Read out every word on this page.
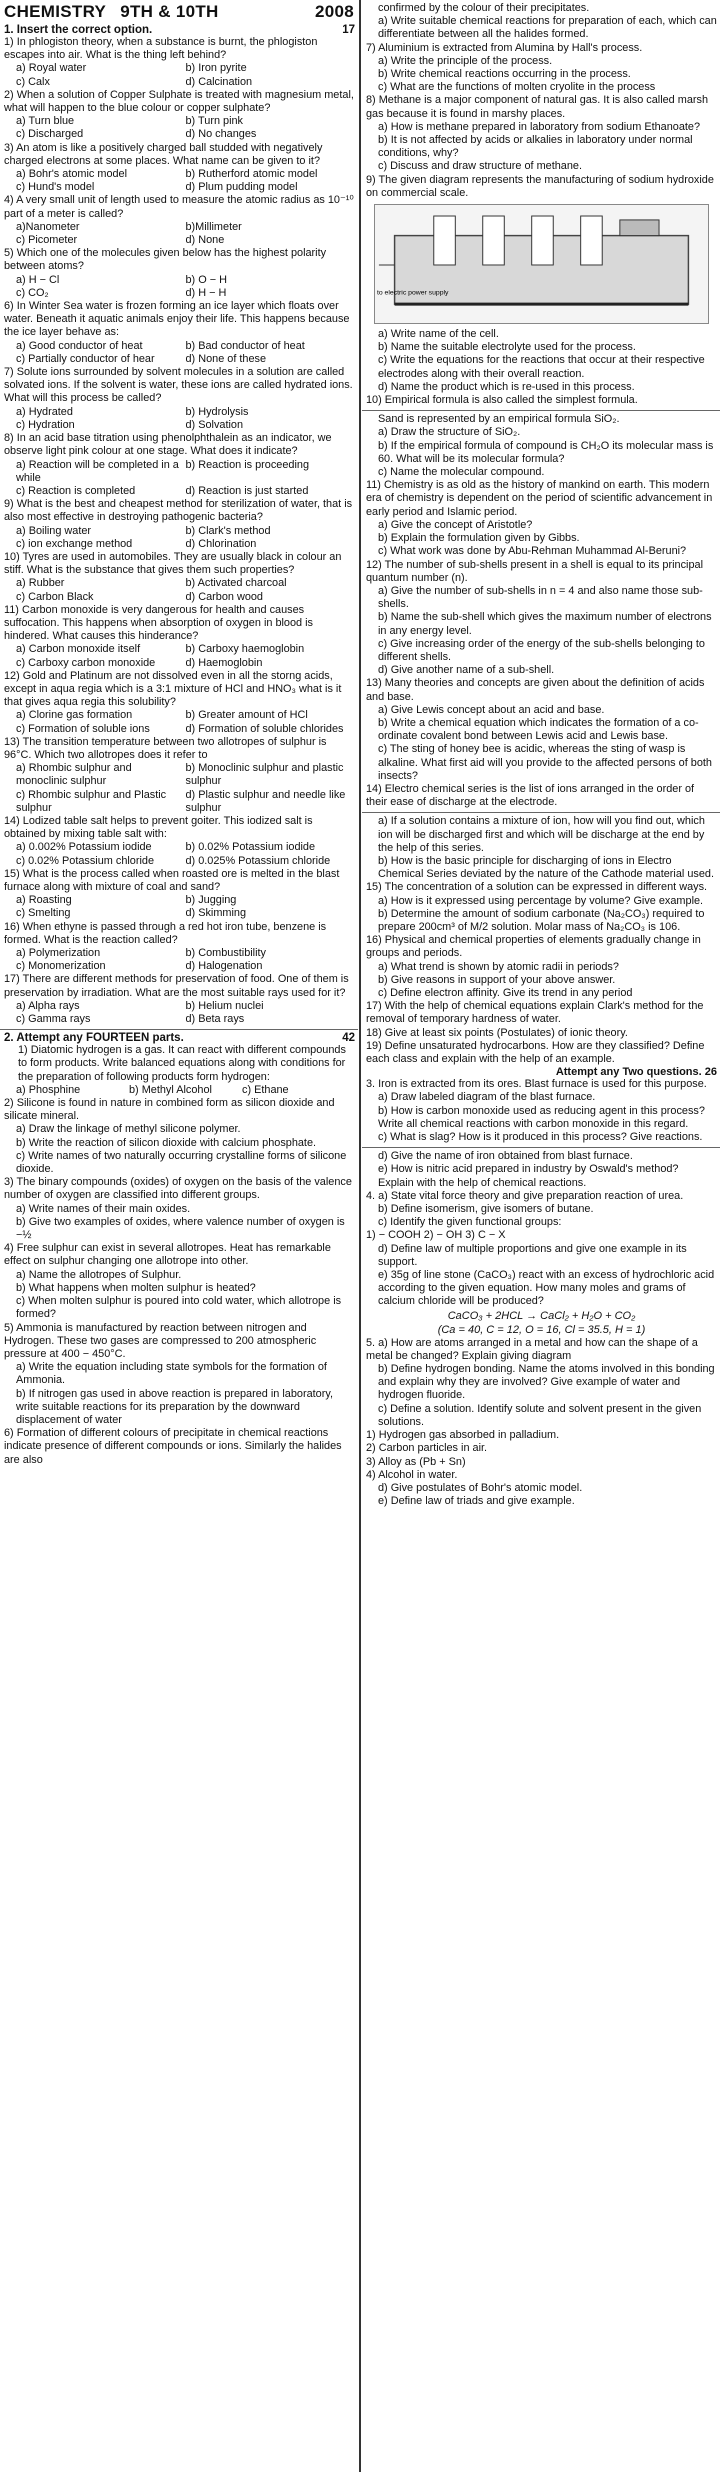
CHEMISTRY 9TH & 10TH	2008
1. Insert the correct option.	17

1) In phlogiston theory, when a substance is burnt, the phlogiston escapes into air. What is the thing left behind?

a) Royal water	b) Iron pyrite
c) Calx	d) Calcination

2) When a solution of Copper Sulphate is treated with magnesium metal, what will happen to the blue colour or copper sulphate?

a) Turn blue	b) Turn pink
c) Discharged	d) No changes

3) An atom is like a positively charged ball studded with negatively charged electrons at some places. What name can be given to it?

a) Bohr's atomic model	b) Rutherford atomic model
c) Hund's model	d) Plum pudding model

4) A very small unit of length used to measure the atomic radius as 10⁻¹⁰ part of a meter is called?

a)Nanometer	b)Millimeter
c) Picometer	d) None

5) Which one of the molecules given below has the highest polarity between atoms?

a) H − Cl	b) O − H
c) CO₂	d) H − H

6) In Winter Sea water is frozen forming an ice layer which floats over water. Beneath it aquatic animals enjoy their life. This happens because the ice layer behave as:

a) Good conductor of heat	b) Bad conductor of heat
c) Partially conductor of hear	d) None of these

7) Solute ions surrounded by solvent molecules in a solution are called solvated ions. If the solvent is water, these ions are called hydrated ions. What will this process be called?

a) Hydrated	b) Hydrolysis
c) Hydration	d) Solvation

8) In an acid base titration using phenolphthalein as an indicator, we observe light pink colour at one stage. What does it indicate?

a) Reaction will be completed in a while
b) Reaction is proceeding
c) Reaction is completed	d) Reaction is just started

9) What is the best and cheapest method for sterilization of water, that is also most effective in destroying pathogenic bacteria?

a) Boiling water	b) Clark's method
c) ion exchange method	d) Chlorination

10) Tyres are used in automobiles. They are usually black in colour an stiff. What is the substance that gives them such properties?

a) Rubber	b) Activated charcoal
c) Carbon Black	d) Carbon wood

11) Carbon monoxide is very dangerous for health and causes suffocation. This happens when absorption of oxygen in blood is hindered. What causes this hinderance?

a) Carbon monoxide itself	b) Carboxy haemoglobin
c) Carboxy carbon monoxide	d) Haemoglobin

12) Gold and Platinum are not dissolved even in all the storng acids, except in aqua regia which is a 3:1 mixture of HCl and HNO₃ what is it that gives aqua regia this solubility?

a) Clorine gas formation	b) Greater amount of HCl
c) Formation of soluble ions	d) Formation of soluble chlorides

13) The transition temperature between two allotropes of sulphur is 96°C. Which two allotropes does it refer to

a) Rhombic sulphur and monoclinic sulphur
b) Monoclinic sulphur and plastic sulphur
c) Rhombic sulphur and Plastic sulphur
d) Plastic sulphur and needle like sulphur

14) Lodized table salt helps to prevent goiter. This iodized salt is obtained by mixing table salt with:

a) 0.002% Potassium iodide	b) 0.02% Potassium iodide
c) 0.02% Potassium chloride	d) 0.025% Potassium chloride

15) What is the process called when roasted ore is melted in the blast furnace along with mixture of coal and sand?

a) Roasting	b) Jugging
c) Smelting	d) Skimming

16) When ethyne is passed through a red hot iron tube, benzene is formed. What is the reaction called?

a) Polymerization	b) Combustibility
c) Monomerization	d) Halogenation

17) There are different methods for preservation of food. One of them is preservation by irradiation. What are the most suitable rays used for it?

a) Alpha rays	b) Helium nuclei
c) Gamma rays	d) Beta rays
2. Attempt any FOURTEEN parts.	42
1) Diatomic hydrogen is a gas. It can react with different compounds to form products. Write balanced equations along with conditions for the preparation of following products form hydrogen:
a) Phosphine	b) Methyl Alcohol	c) Ethane

2) Silicone is found in nature in combined form as silicon dioxide and silicate mineral.

a) Draw the linkage of methyl silicone polymer.

b) Write the reaction of silicon dioxide with calcium phosphate.

c) Write names of two naturally occurring crystalline forms of silicone dioxide.

3) The binary compounds (oxides) of oxygen on the basis of the valence number of oxygen are classified into different groups.

a) Write names of their main oxides.

b) Give two examples of oxides, where valence number of oxygen is −½

4) Free sulphur can exist in several allotropes. Heat has remarkable effect on sulphur changing one allotrope into other.

a) Name the allotropes of Sulphur.

b) What happens when molten sulphur is heated?

c) When molten sulphur is poured into cold water, which allotrope is formed?

5) Ammonia is manufactured by reaction between nitrogen and Hydrogen. These two gases are compressed to 200 atmospheric pressure at 400 − 450°C.

a) Write the equation including state symbols for the formation of Ammonia.

b) If nitrogen gas used in above reaction is prepared in laboratory, write suitable reactions for its preparation by the downward displacement of water

6) Formation of different colours of precipitate in chemical reactions indicate presence of different compounds or ions. Similarly the halides are also

confirmed by the colour of their precipitates.

a) Write suitable chemical reactions for preparation of each, which can differentiate between all the halides formed.

7) Aluminium is extracted from Alumina by Hall's process.

a) Write the principle of the process.

b) Write chemical reactions occurring in the process.

c) What are the functions of molten cryolite in the process

8) Methane is a major component of natural gas. It is also called marsh gas because it is found in marshy places.

a) How is methane prepared in laboratory from sodium Ethanoate?

b) It is not affected by acids or alkalies in laboratory under normal conditions, why?

c) Discuss and draw structure of methane.

9) The given diagram represents the manufacturing of sodium hydroxide on commercial scale.

to electric power supply

a) Write name of the cell.

b) Name the suitable electrolyte used for the process.

c) Write the equations for the reactions that occur at their respective electrodes along with their overall reaction.

d) Name the product which is re-used in this process.

10) Empirical formula is also called the simplest formula.

Sand is represented by an empirical formula SiO₂.

a) Draw the structure of SiO₂.

b) If the empirical formula of compound is CH₂O its molecular mass is 60. What will be its molecular formula?

c) Name the molecular compound.

11) Chemistry is as old as the history of mankind on earth. This modern era of chemistry is dependent on the period of scientific advancement in early period and Islamic period.

a) Give the concept of Aristotle?

b) Explain the formulation given by Gibbs.

c) What work was done by Abu-Rehman Muhammad Al-Beruni?

12) The number of sub-shells present in a shell is equal to its principal quantum number (n).

a) Give the number of sub-shells in n = 4 and also name those sub-shells.

b) Name the sub-shell which gives the maximum number of electrons in any energy level.

c) Give increasing order of the energy of the sub-shells belonging to different shells.

d) Give another name of a sub-shell.

13) Many theories and concepts are given about the definition of acids and base.

a) Give Lewis concept about an acid and base.

b) Write a chemical equation which indicates the formation of a co-ordinate covalent bond between Lewis acid and Lewis base.

c) The sting of honey bee is acidic, whereas the sting of wasp is alkaline. What first aid will you provide to the affected persons of both insects?

14) Electro chemical series is the list of ions arranged in the order of their ease of discharge at the electrode.

a) If a solution contains a mixture of ion, how will you find out, which ion will be discharged first and which will be discharge at the end by the help of this series.

b) How is the basic principle for discharging of ions in Electro Chemical Series deviated by the nature of the Cathode material used.

15) The concentration of a solution can be expressed in different ways.

a) How is it expressed using percentage by volume? Give example.

b) Determine the amount of sodium carbonate (Na₂CO₃) required to prepare 200cm³ of M/2 solution. Molar mass of Na₂CO₃ is 106.

16) Physical and chemical properties of elements gradually change in groups and periods.

a) What trend is shown by atomic radii in periods?

b) Give reasons in support of your above answer.

c) Define electron affinity. Give its trend in any period

17) With the help of chemical equations explain Clark's method for the removal of temporary hardness of water.

18) Give at least six points (Postulates) of ionic theory.

19) Define unsaturated hydrocarbons. How are they classified? Define each class and explain with the help of an example.

Attempt any Two questions. 26

3. Iron is extracted from its ores. Blast furnace is used for this purpose.

a) Draw labeled diagram of the blast furnace.

b) How is carbon monoxide used as reducing agent in this process? Write all chemical reactions with carbon monoxide in this regard.

c) What is slag? How is it produced in this process? Give reactions.

d) Give the name of iron obtained from blast furnace.

e) How is nitric acid prepared in industry by Oswald's method? Explain with the help of chemical reactions.

4. a) State vital force theory and give preparation reaction of urea.

b) Define isomerism, give isomers of butane.

c) Identify the given functional groups:

1) − COOH 2) − OH 3) C − X

d) Define law of multiple proportions and give one example in its support.

e) 35g of line stone (CaCO₃) react with an excess of hydrochloric acid according to the given equation. How many moles and grams of calcium chloride will be produced?

CaCO₃ + 2HCL → CaCl₂ + H₂O + CO₂
(Ca = 40, C = 12, O = 16, Cl = 35.5, H = 1)

5. a) How are atoms arranged in a metal and how can the shape of a metal be changed? Explain giving diagram

b) Define hydrogen bonding. Name the atoms involved in this bonding and explain why they are involved? Give example of water and hydrogen fluoride.

c) Define a solution. Identify solute and solvent present in the given solutions.

1) Hydrogen gas absorbed in palladium.

2) Carbon particles in air.

3) Alloy as (Pb + Sn)

4) Alcohol in water.

d) Give postulates of Bohr's atomic model.

e) Define law of triads and give example.
